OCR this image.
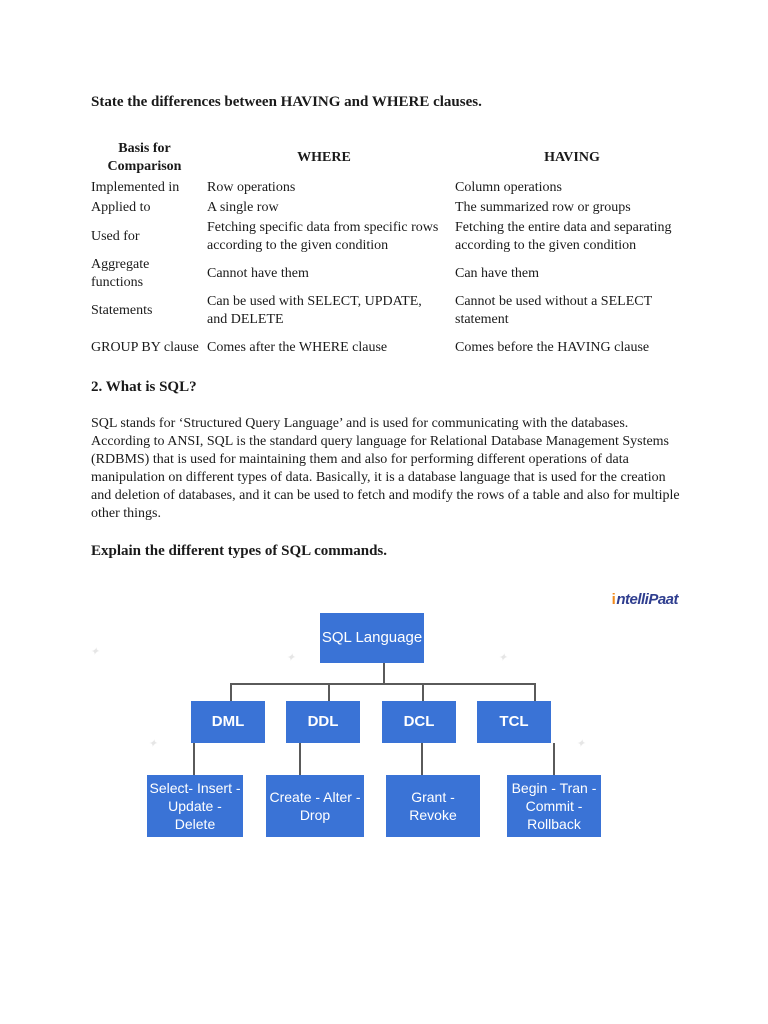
State the differences between HAVING and WHERE clauses.
Basis for Comparison	WHERE	HAVING
Implemented in	Row operations	Column operations
Applied to	A single row	The summarized row or groups
Used for	Fetching specific data from specific rows according to the given condition	Fetching the entire data and separating according to the given condition
Aggregate functions	Cannot have them	Can have them
Statements	Can be used with SELECT, UPDATE, and DELETE	Cannot be used without a SELECT statement
GROUP BY clause	Comes after the WHERE clause	Comes before the HAVING clause
2. What is SQL?

SQL stands for ‘Structured Query Language’ and is used for communicating with the databases. According to ANSI, SQL is the standard query language for Relational Database Management Systems (RDBMS) that is used for maintaining them and also for performing different operations of data manipulation on different types of data. Basically, it is a database language that is used for the creation and deletion of databases, and it can be used to fetch and modify the rows of a table and also for multiple other things.

Explain the different types of SQL commands.
intelliPaat
✦	✦	✦
✦	✦
SQL Language
DML	DDL	DCL	TCL
Select- Insert - Update - Delete
Create - Alter - Drop
Grant - Revoke
Begin - Tran - Commit - Rollback
